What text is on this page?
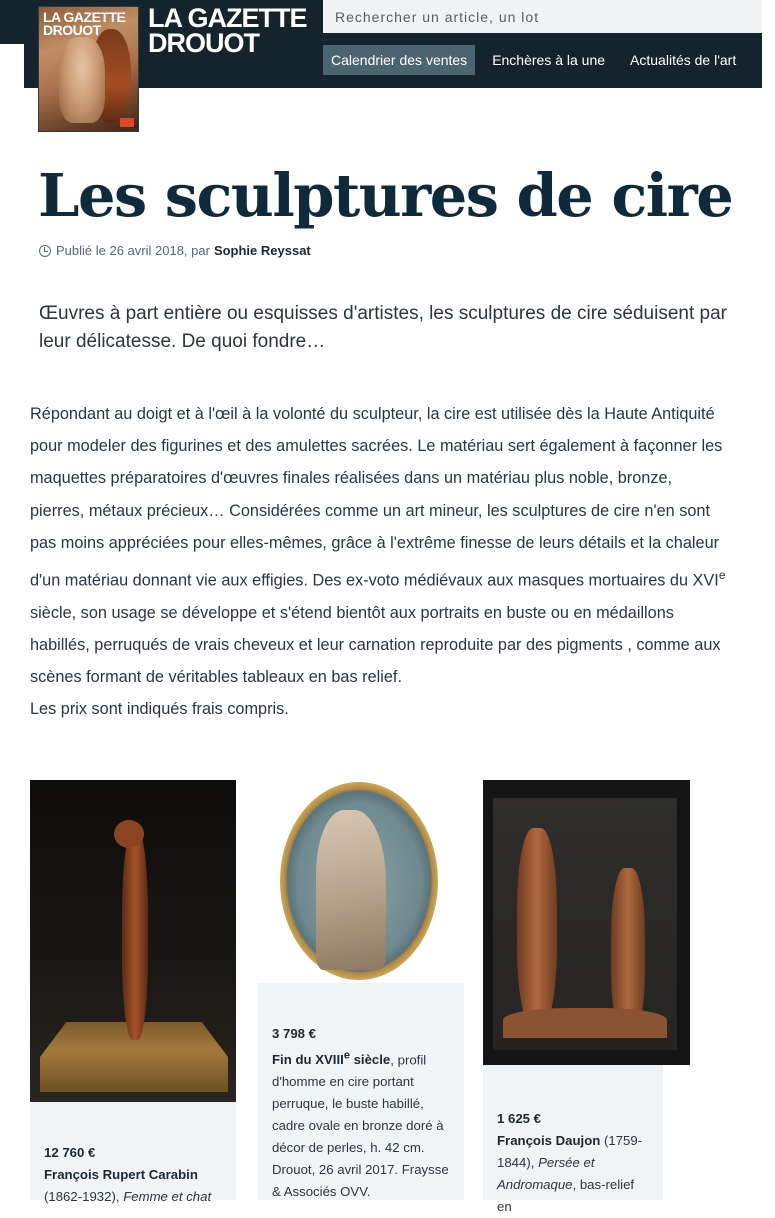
LA GAZETTE
DROUOT	LA GAZETTE
DROUOT
Rechercher un article, un lot
Calendrier des ventes	Enchères à la une	Actualités de l'art
Les sculptures de cire
Publié le 26 avril 2018, par Sophie Reyssat

Œuvres à part entière ou esquisses d'artistes, les sculptures de cire séduisent par leur délicatesse. De quoi fondre…

Répondant au doigt et à l'œil à la volonté du sculpteur, la cire est utilisée dès la Haute Antiquité pour modeler des figurines et des amulettes sacrées. Le matériau sert également à façonner les maquettes préparatoires d'œuvres finales réalisées dans un matériau plus noble, bronze, pierres, métaux précieux… Considérées comme un art mineur, les sculptures de cire n'en sont pas moins appréciées pour elles-mêmes, grâce à l'extrême finesse de leurs détails et la chaleur d'un matériau donnant vie aux effigies. Des ex-voto médiévaux aux masques mortuaires du XVIe siècle, son usage se développe et s'étend bientôt aux portraits en buste ou en médaillons habillés, perruqués de vrais cheveux et leur carnation reproduite par des pigments , comme aux scènes formant de véritables tableaux en bas relief.

Les prix sont indiqués frais compris.

12 760 €
François Rupert Carabin
(1862-1932), Femme et chat
3 798 €
Fin du XVIIIe siècle, profil d'homme en cire portant perruque, le buste habillé, cadre ovale en bronze doré à décor de perles, h. 42 cm. Drouot, 26 avril 2017. Fraysse & Associés OVV.
1 625 €
François Daujon (1759-1844), Persée et Andromaque, bas-relief en
